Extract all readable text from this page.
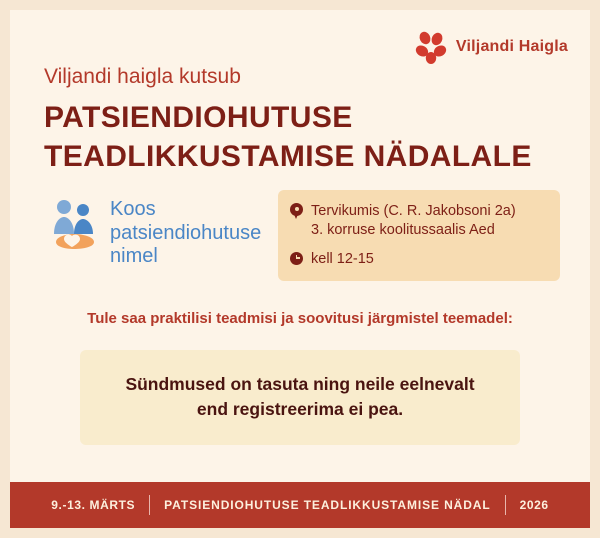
Viljandi Haigla
Viljandi haigla kutsub
PATSIENDIOHUTUSE
TEADLIKKUSTAMISE NÄDALALE
Koos
patsiendiohutuse
nimel
Tervikumis (C. R. Jakobsoni 2a)
3. korruse koolitussaalis Aed
kell 12-15
Tule saa praktilisi teadmisi ja soovitusi järgmistel teemadel:
Sündmused on tasuta ning neile eelnevalt
end registreerima ei pea.
9.-13. MÄRTS PATSIENDIOHUTUSE TEADLIKKUSTAMISE NÄDAL 2026
